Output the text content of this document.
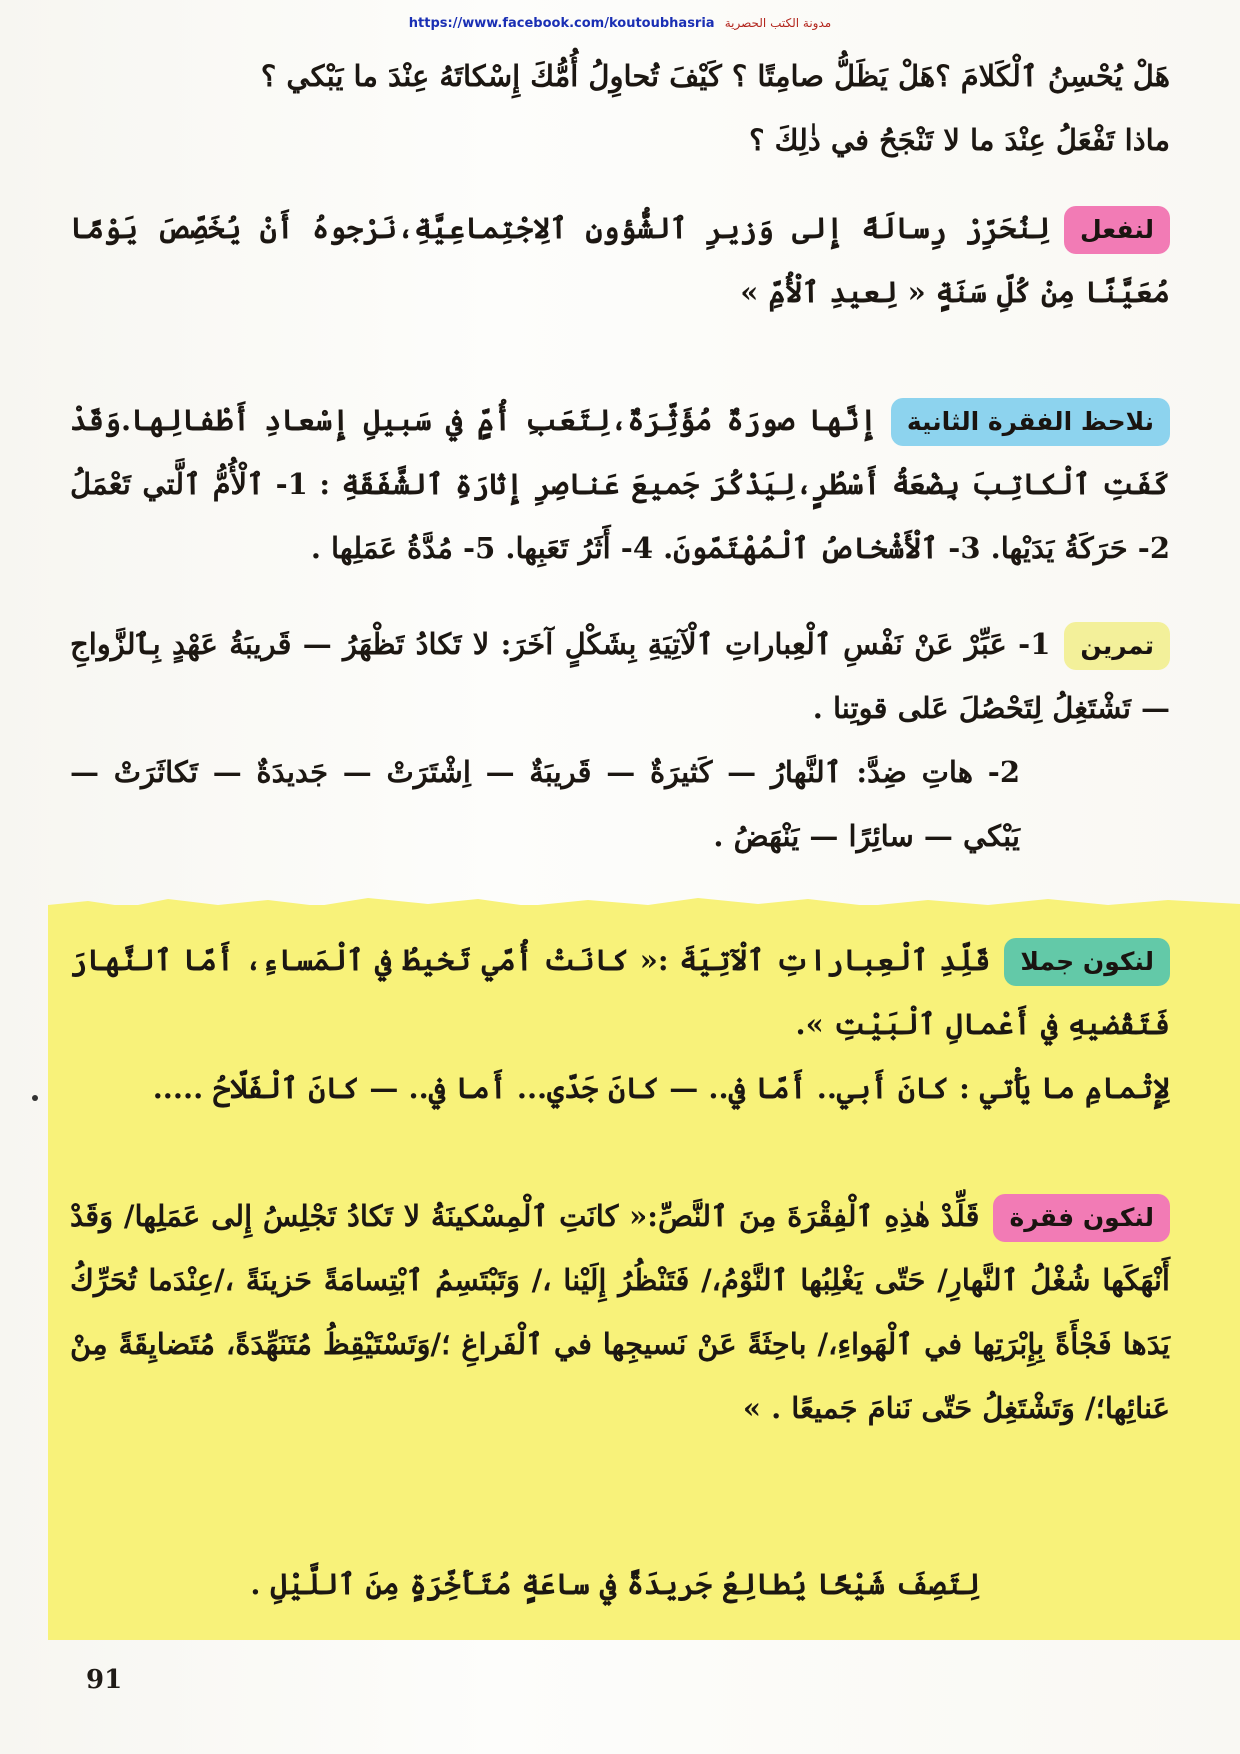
https://www.facebook.com/koutoubhasria مدونة الكتب الحصرية
هَلْ يُحْسِنُ ٱلْكَلامَ ؟هَلْ يَظَلُّ صامِتًا ؟ كَيْفَ تُحاوِلُ أُمُّكَ إِسْكاتَهُ عِنْدَ ما يَبْكي ؟
ماذا تَفْعَلُ عِنْدَ ما لا تَنْجَحُ في ذٰلِكَ ؟
لنفعللِنُحَرِّرْ رِسالَةً إِلى وَزيرِ ٱلشُّؤونِ ٱلِاجْتِماعِيَّةِ،نَرْجوهُ أَنْ يُخَصِّصَ يَوْمًا مُعَيَّنًا مِنْ كُلِّ سَنَةٍ « لِعيدِ ٱلْأُمِّ »
نلاحظ الفقرة الثانيةإِنَّها صورَةٌ مُؤَثِّرَةٌ،لِتَعَبِ أُمٍّ في سَبيلِ إِسْعادِ أَطْفالِها.وَقَدْ كَفَتِ ٱلْكاتِبَ بِضْعَةُ أَسْطُرٍ،لِيَذْكُرَ جَميعَ عَناصِرِ إِثارَةِ ٱلشَّفَقَةِ : 1- ٱلْأُمُّ ٱلَّتي تَعْمَلُ 2- حَرَكَةُ يَدَيْها. 3- ٱلْأَشْخاصُ ٱلْمُهْتَمّونَ. 4- أَثَرُ تَعَبِها. 5- مُدَّةُ عَمَلِها .
تمرين1- عَبِّرْ عَنْ نَفْسِ ٱلْعِباراتِ ٱلْآتِيَةِ بِشَكْلٍ آخَرَ: لا تَكادُ تَظْهَرُ — قَريبَةُ عَهْدٍ بِٱلزَّواجِ — تَشْتَغِلُ لِتَحْصُلَ عَلى قوتِنا .
2- هاتِ ضِدَّ: ٱلنَّهارُ — كَثيرَةٌ — قَريبَةٌ — اِشْتَرَتْ — جَديدَةٌ — تَكاثَرَتْ — يَبْكي — سائِرًا — يَنْهَضُ .
لنكون جملاقَلِّدِ ٱلْعِباراتِ ٱلْآتِيَةَ :« كانَتْ أُمّي تَخيطُ في ٱلْمَساءِ، أَمّا ٱلنَّهارَ فَتَقْضيهِ في أَعْمالِ ٱلْبَيْتِ ».
لِإِتْمامِ ما يَأْتي : كانَ أَبي.. أَمّا في.. — كانَ جَدّي... أَما في.. — كانَ ٱلْفَلّاحُ .....
لنكون فقرةقَلِّدْ هٰذِهِ ٱلْفِقْرَةَ مِنَ ٱلنَّصِّ:« كانَتِ ٱلْمِسْكينَةُ لا تَكادُ تَجْلِسُ إِلى عَمَلِها/ وَقَدْ أَنْهَكَها شُغْلُ ٱلنَّهارِ/ حَتّى يَغْلِبُها ٱلنَّوْمُ،/ فَتَنْظُرُ إِلَيْنا ،/ وَتَبْتَسِمُ ٱبْتِسامَةً حَزينَةً ،/عِنْدَما تُحَرِّكُ يَدَها فَجْأَةً بِإِبْرَتِها في ٱلْهَواءِ،/ باحِثَةً عَنْ نَسيجِها في ٱلْفَراغِ ؛/وَتَسْتَيْقِظُ مُتَنَهِّدَةً، مُتَضايِقَةً مِنْ عَنائِها؛/ وَتَشْتَغِلُ حَتّى نَنامَ جَميعًا . »
لِتَصِفَ شَيْخًا يُطالِعُ جَريدَةً في ساعَةٍ مُتَأَخِّرَةٍ مِنَ ٱللَّيْلِ .
91
